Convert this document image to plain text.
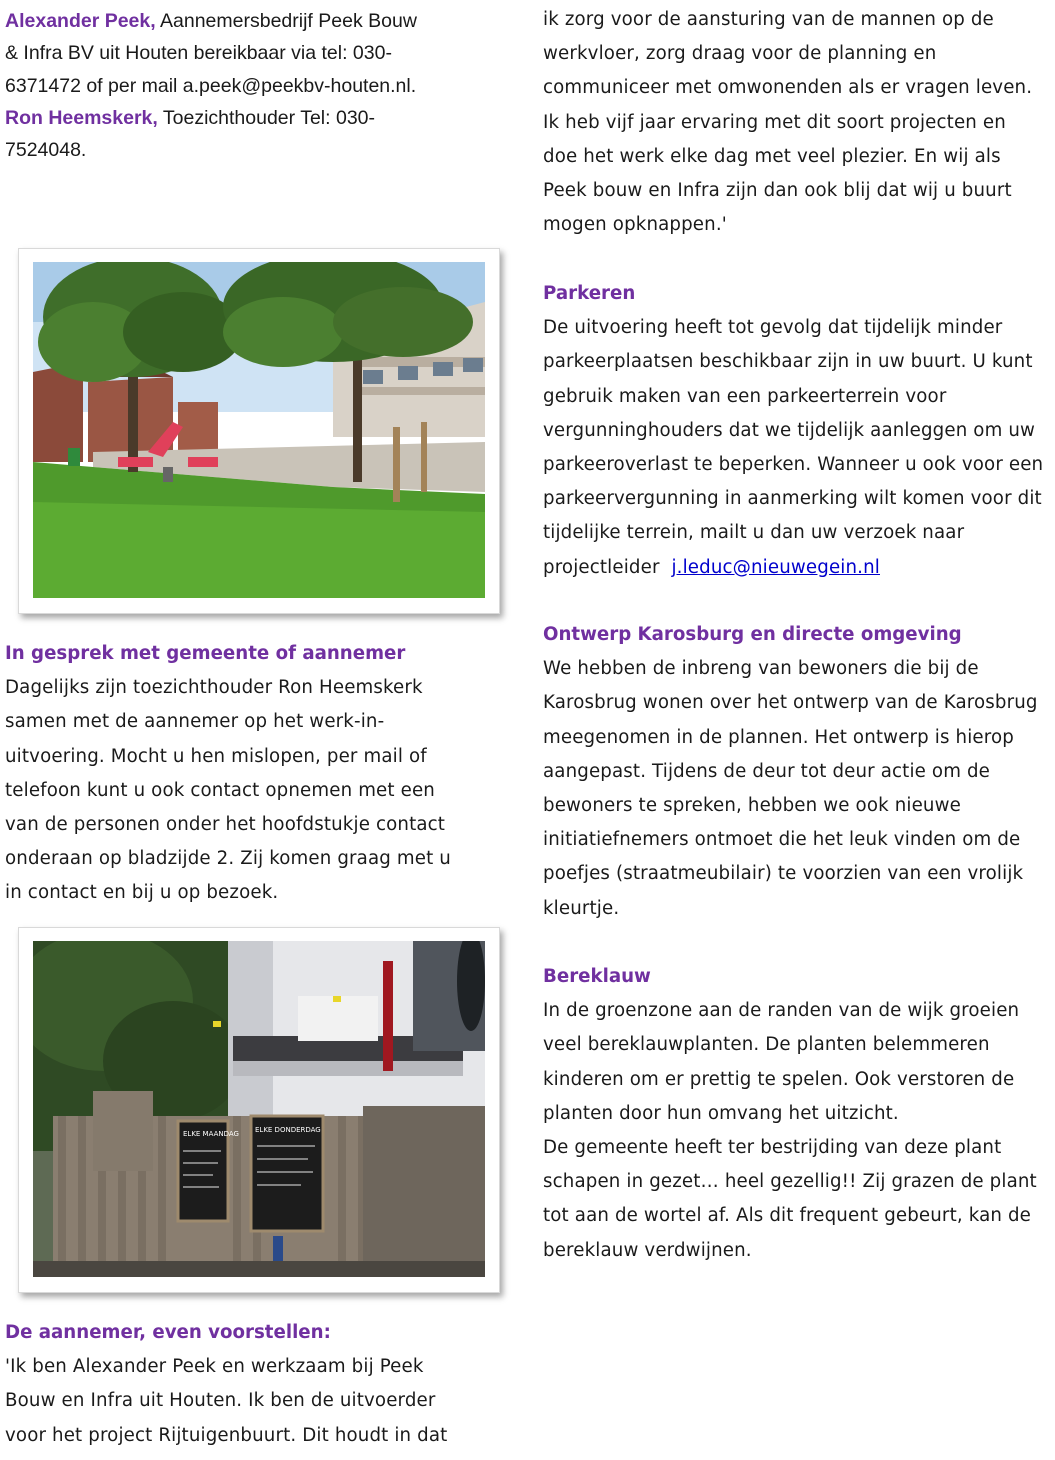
Alexander Peek, Aannemersbedrijf Peek Bouw

& Infra BV uit Houten bereikbaar via tel: 030-

6371472 of per mail a.peek@peekbv-houten.nl.

Ron Heemskerk, Toezichthouder Tel: 030-

7524048.

In gesprek met gemeente of aannemer

Dagelijks zijn toezichthouder Ron Heemskerk

samen met de aannemer op het werk-in-

uitvoering. Mocht u hen mislopen, per mail of

telefoon kunt u ook contact opnemen met een

van de personen onder het hoofdstukje contact

onderaan op bladzijde 2. Zij komen graag met u

in contact en bij u op bezoek.

De aannemer, even voorstellen:

'Ik ben Alexander Peek en werkzaam bij Peek

Bouw en Infra uit Houten. Ik ben de uitvoerder

voor het project Rijtuigenbuurt. Dit houdt in dat

ELKE MAANDAG ELKE DONDERDAG

ik zorg voor de aansturing van de mannen op de

werkvloer, zorg draag voor de planning en

communiceer met omwonenden als er vragen leven.

Ik heb vijf jaar ervaring met dit soort projecten en

doe het werk elke dag met veel plezier. En wij als

Peek bouw en Infra zijn dan ook blij dat wij u buurt

mogen opknappen.'

Parkeren

De uitvoering heeft tot gevolg dat tijdelijk minder

parkeerplaatsen beschikbaar zijn in uw buurt. U kunt

gebruik maken van een parkeerterrein voor

vergunninghouders dat we tijdelijk aanleggen om uw

parkeeroverlast te beperken. Wanneer u ook voor een

parkeervergunning in aanmerking wilt komen voor dit

tijdelijke terrein, mailt u dan uw verzoek naar

projectleider  j.leduc@nieuwegein.nl

Ontwerp Karosburg en directe omgeving

We hebben de inbreng van bewoners die bij de

Karosbrug wonen over het ontwerp van de Karosbrug

meegenomen in de plannen. Het ontwerp is hierop

aangepast. Tijdens de deur tot deur actie om de

bewoners te spreken, hebben we ook nieuwe

initiatiefnemers ontmoet die het leuk vinden om de

poefjes (straatmeubilair) te voorzien van een vrolijk

kleurtje.

Bereklauw

In de groenzone aan de randen van de wijk groeien

veel bereklauwplanten. De planten belemmeren

kinderen om er prettig te spelen. Ook verstoren de

planten door hun omvang het uitzicht.

De gemeente heeft ter bestrijding van deze plant

schapen in gezet… heel gezellig!! Zij grazen de plant

tot aan de wortel af. Als dit frequent gebeurt, kan de

bereklauw verdwijnen.
